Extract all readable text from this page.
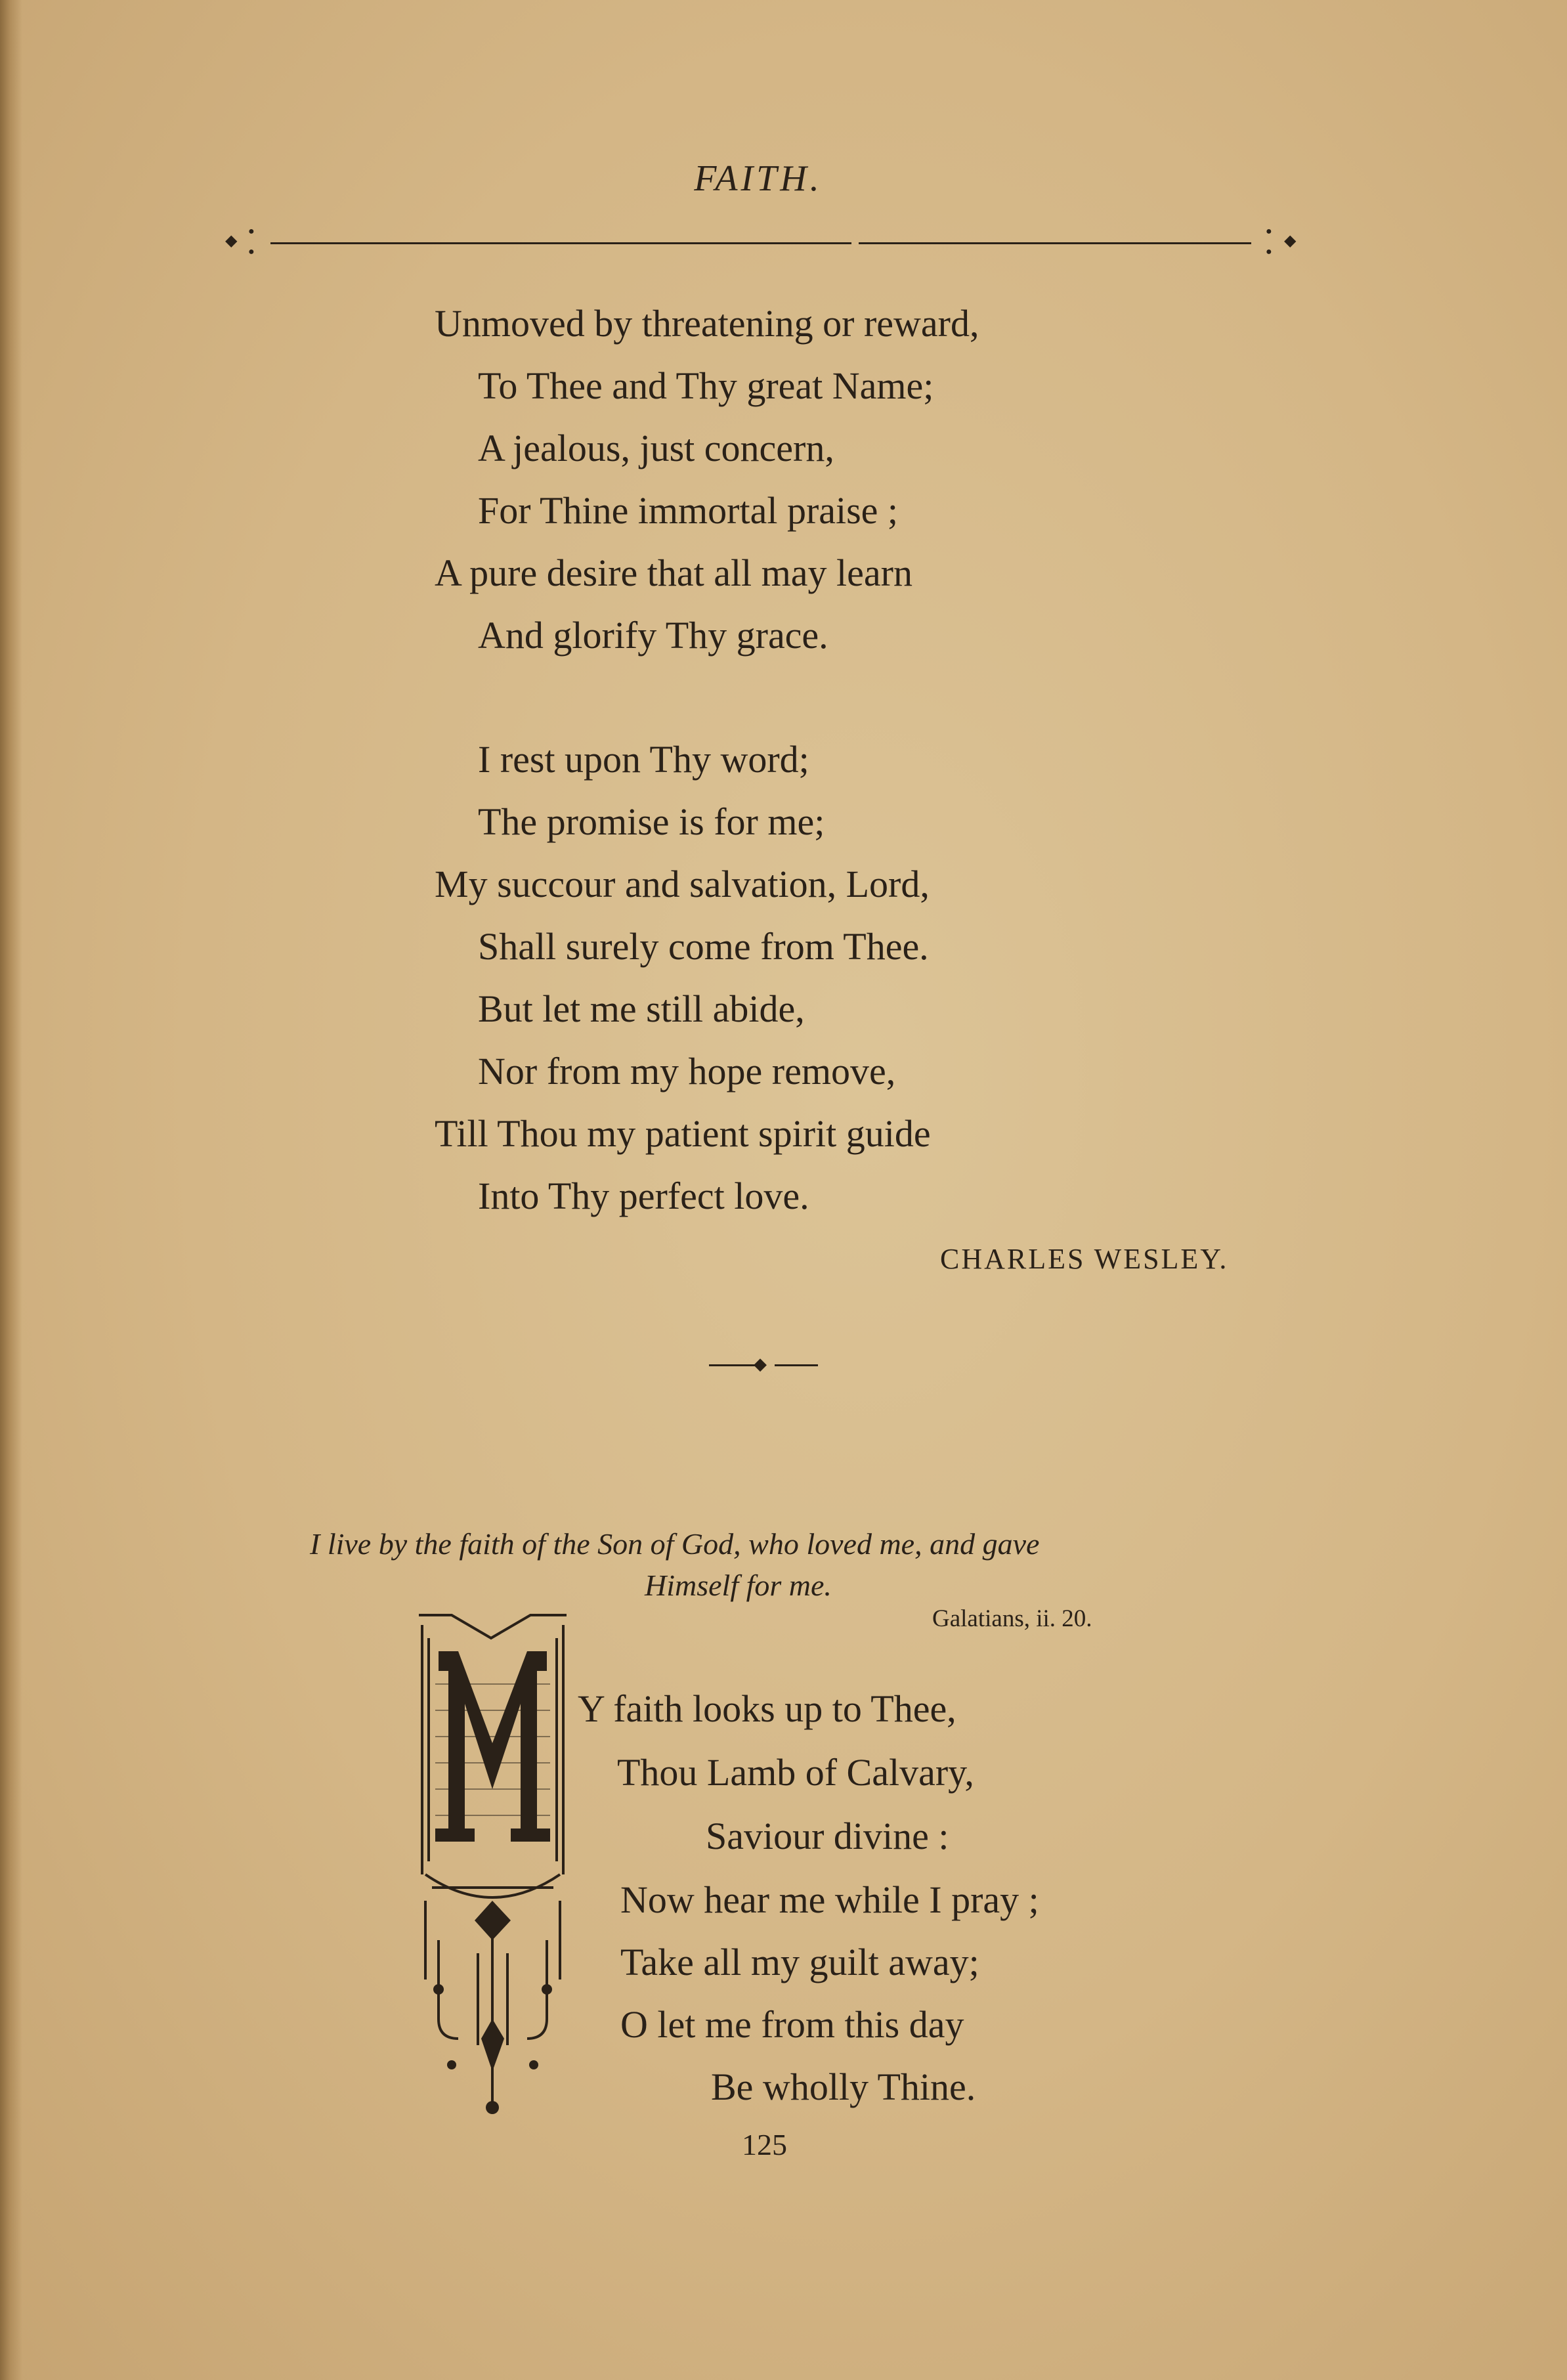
FAITH.
◆
●
●
●
●
◆
Unmoved by threatening or reward,
To Thee and Thy great Name;
A jealous, just concern,
For Thine immortal praise ;
A pure desire that all may learn
And glorify Thy grace.
I rest upon Thy word;
The promise is for me;
My succour and salvation, Lord,
Shall surely come from Thee.
But let me still abide,
Nor from my hope remove,
Till Thou my patient spirit guide
Into Thy perfect love.
CHARLES WESLEY.
◆
I live by the faith of the Son of God, who loved me, and gave
Himself for me.
Galatians, ii. 20.
M
Y faith looks up to Thee,
Thou Lamb of Calvary,
Saviour divine :
Now hear me while I pray ;
Take all my guilt away;
O let me from this day
Be wholly Thine.
125
